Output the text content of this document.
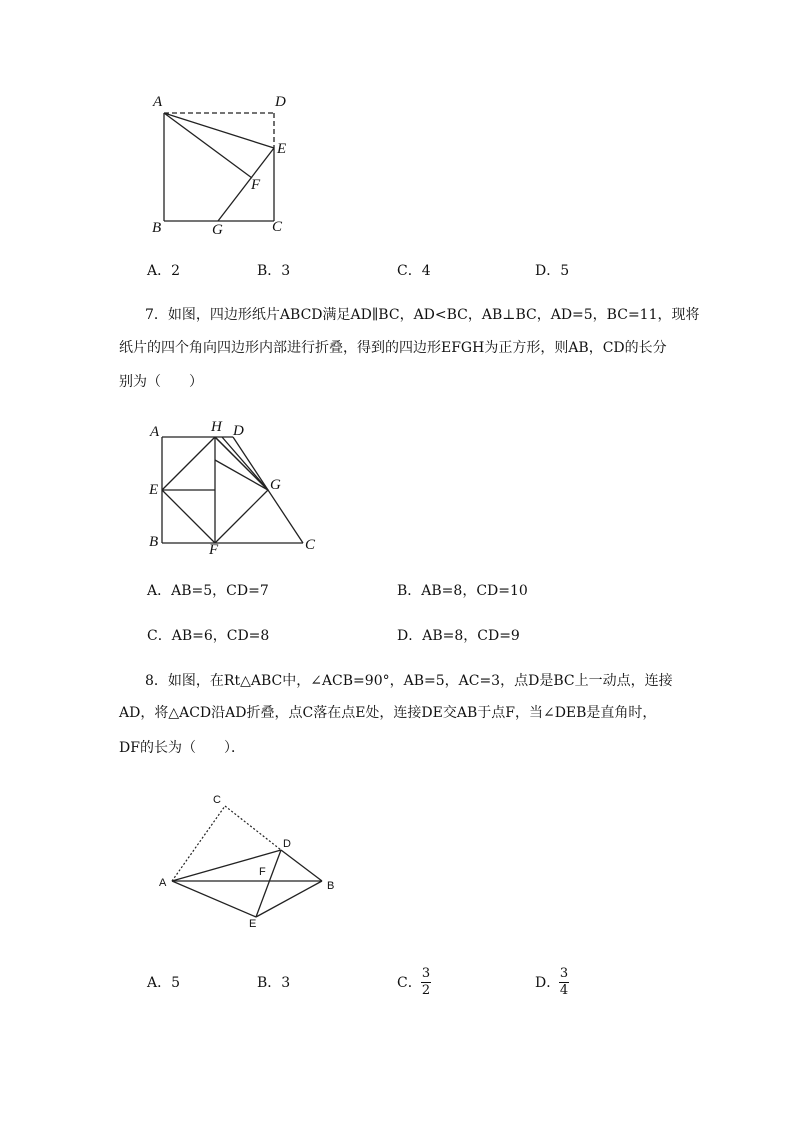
A	D
E
F
B	G	C
A．2	B．3	C．4	D．5
7．如图，四边形纸片ABCD满足AD∥BC，AD<BC，AB⊥BC，AD=5，BC=11，现将
纸片的四个角向四边形内部进行折叠，得到的四边形EFGH为正方形，则AB，CD的长分
别为（　　）
A	H D
E	G
B	F	C
A．AB=5，CD=7	B．AB=8，CD=10
C．AB=6，CD=8	D．AB=8，CD=9
8．如图，在Rt△ABC中，∠ACB=90°，AB=5，AC=3，点D是BC上一动点，连接
AD，将△ACD沿AD折叠，点C落在点E处，连接DE交AB于点F，当∠DEB是直角时，
DF的长为（　　）．
C
D
F
A	B
E
A．5	B．3	C．
3
2	D．
3
4
